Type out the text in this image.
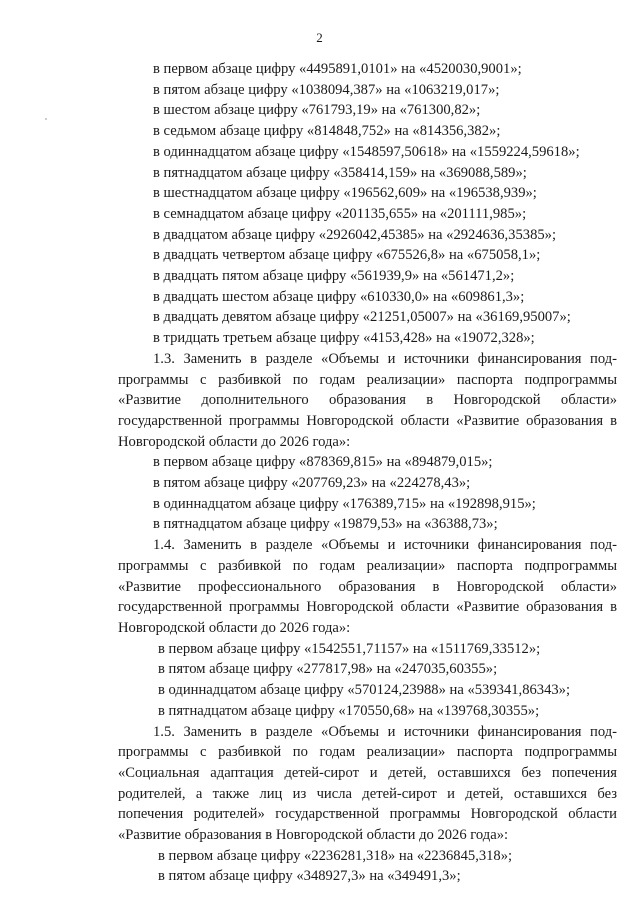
2
в первом абзаце цифру «4495891,0101» на «4520030,9001»;
в пятом абзаце цифру «1038094,387» на «1063219,017»;
в шестом абзаце цифру «761793,19» на «761300,82»;
в седьмом абзаце цифру «814848,752» на «814356,382»;
в одиннадцатом абзаце цифру «1548597,50618» на «1559224,59618»;
в пятнадцатом абзаце цифру «358414,159» на «369088,589»;
в шестнадцатом абзаце цифру «196562,609» на «196538,939»;
в семнадцатом абзаце цифру «201135,655» на «201111,985»;
в двадцатом абзаце цифру «2926042,45385» на «2924636,35385»;
в двадцать четвертом абзаце цифру «675526,8» на «675058,1»;
в двадцать пятом абзаце цифру «561939,9» на «561471,2»;
в двадцать шестом абзаце цифру «610330,0» на «609861,3»;
в двадцать девятом абзаце цифру «21251,05007» на «36169,95007»;
в тридцать третьем абзаце цифру «4153,428» на «19072,328»;
1.3. Заменить в разделе «Объемы и источники финансирования под-
программы с разбивкой по годам реализации» паспорта подпрограммы
«Развитие дополнительного образования в Новгородской области»
государственной программы Новгородской области «Развитие образования в
Новгородской области до 2026 года»:
в первом абзаце цифру «878369,815» на «894879,015»;
в пятом абзаце цифру «207769,23» на «224278,43»;
в одиннадцатом абзаце цифру «176389,715» на «192898,915»;
в пятнадцатом абзаце цифру «19879,53» на «36388,73»;
1.4. Заменить в разделе «Объемы и источники финансирования под-
программы с разбивкой по годам реализации» паспорта подпрограммы
«Развитие профессионального образования в Новгородской области»
государственной программы Новгородской области «Развитие образования в
Новгородской области до 2026 года»:
в первом абзаце цифру «1542551,71157» на «1511769,33512»;
в пятом абзаце цифру «277817,98» на «247035,60355»;
в одиннадцатом абзаце цифру «570124,23988» на «539341,86343»;
в пятнадцатом абзаце цифру «170550,68» на «139768,30355»;
1.5. Заменить в разделе «Объемы и источники финансирования под-
программы с разбивкой по годам реализации» паспорта подпрограммы
«Социальная адаптация детей-сирот и детей, оставшихся без попечения
родителей, а также лиц из числа детей-сирот и детей, оставшихся без
попечения родителей» государственной программы Новгородской области
«Развитие образования в Новгородской области до 2026 года»:
в первом абзаце цифру «2236281,318» на «2236845,318»;
в пятом абзаце цифру «348927,3» на «349491,3»;
